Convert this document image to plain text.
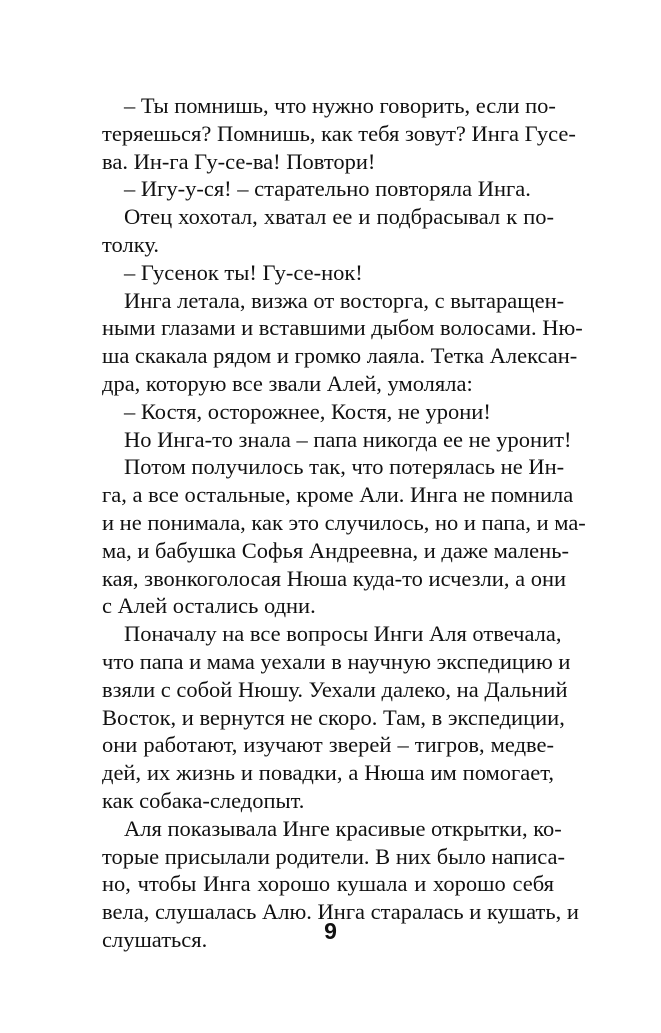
– Ты помнишь, что нужно говорить, если по-
теряешься? Помнишь, как тебя зовут? Инга Гусе-
ва. Ин-га Гу-се-ва! Повтори!

– Игу-у-ся! – старательно повторяла Инга.

Отец хохотал, хватал ее и подбрасывал к по-
толку.

– Гусенок ты! Гу-се-нок!

Инга летала, визжа от восторга, с вытаращен-
ными глазами и вставшими дыбом волосами. Ню-
ша скакала рядом и громко лаяла. Тетка Алексан-
дра, которую все звали Алей, умоляла:

– Костя, осторожнее, Костя, не урони!

Но Инга-то знала – папа никогда ее не уронит!

Потом получилось так, что потерялась не Ин-
га, а все остальные, кроме Али. Инга не помнила
и не понимала, как это случилось, но и папа, и ма-
ма, и бабушка Софья Андреевна, и даже малень-
кая, звонкоголосая Нюша куда-то исчезли, а они
с Алей остались одни.

Поначалу на все вопросы Инги Аля отвечала,
что папа и мама уехали в научную экспедицию и
взяли с собой Нюшу. Уехали далеко, на Дальний
Восток, и вернутся не скоро. Там, в экспедиции,
они работают, изучают зверей – тигров, медве-
дей, их жизнь и повадки, а Нюша им помогает,
как собака-следопыт.

Аля показывала Инге красивые открытки, ко-
торые присылали родители. В них было написа-
но, чтобы Инга хорошо кушала и хорошо себя
вела, слушалась Алю. Инга старалась и кушать, и
слушаться.	9
